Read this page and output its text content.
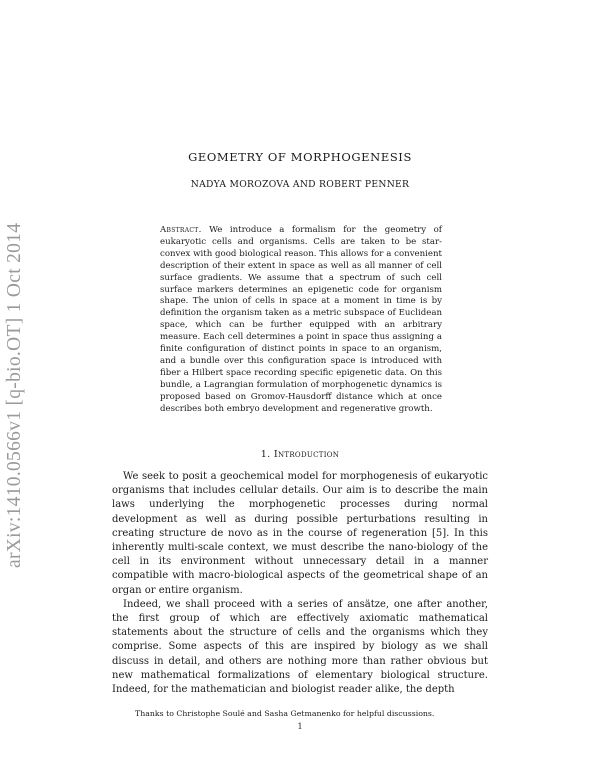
arXiv:1410.0566v1 [q-bio.OT] 1 Oct 2014
GEOMETRY OF MORPHOGENESIS
NADYA MOROZOVA AND ROBERT PENNER
Abstract. We introduce a formalism for the geometry of eukaryotic cells and organisms. Cells are taken to be star-convex with good biological reason. This allows for a convenient description of their extent in space as well as all manner of cell surface gradients. We assume that a spectrum of such cell surface markers determines an epigenetic code for organism shape. The union of cells in space at a moment in time is by definition the organism taken as a metric subspace of Euclidean space, which can be further equipped with an arbitrary measure. Each cell determines a point in space thus assigning a finite configuration of distinct points in space to an organism, and a bundle over this configuration space is introduced with fiber a Hilbert space recording specific epigenetic data. On this bundle, a Lagrangian formulation of morphogenetic dynamics is proposed based on Gromov-Hausdorff distance which at once describes both embryo development and regenerative growth.
1. Introduction

We seek to posit a geochemical model for morphogenesis of eukaryotic organisms that includes cellular details. Our aim is to describe the main laws underlying the morphogenetic processes during normal development as well as during possible perturbations resulting in creating structure de novo as in the course of regeneration [5]. In this inherently multi-scale context, we must describe the nano-biology of the cell in its environment without unnecessary detail in a manner compatible with macro-biological aspects of the geometrical shape of an organ or entire organism.

Indeed, we shall proceed with a series of ansätze, one after another, the first group of which are effectively axiomatic mathematical statements about the structure of cells and the organisms which they comprise. Some aspects of this are inspired by biology as we shall discuss in detail, and others are nothing more than rather obvious but new mathematical formalizations of elementary biological structure. Indeed, for the mathematician and biologist reader alike, the depth

Thanks to Christophe Soulé and Sasha Getmanenko for helpful discussions.
1
